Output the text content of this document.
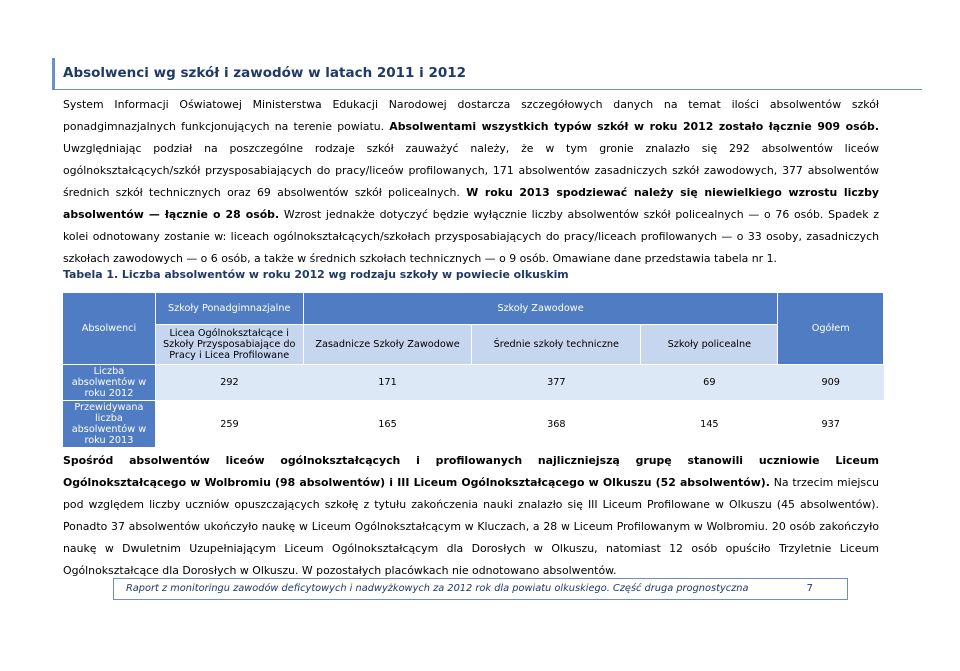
Absolwenci wg szkół i zawodów w latach 2011 i 2012

System Informacji Oświatowej Ministerstwa Edukacji Narodowej dostarcza szczegółowych danych na temat ilości absolwentów szkół ponadgimnazjalnych funkcjonujących na terenie powiatu. Absolwentami wszystkich typów szkół w roku 2012 zostało łącznie 909 osób. Uwzględniając podział na poszczególne rodzaje szkół zauważyć należy, że w tym gronie znalazło się 292 absolwentów liceów ogólnokształcących/szkół przysposabiających do pracy/liceów profilowanych, 171 absolwentów zasadniczych szkół zawodowych, 377 absolwentów średnich szkół technicznych oraz 69 absolwentów szkół policealnych. W roku 2013 spodziewać należy się niewielkiego wzrostu liczby absolwentów — łącznie o 28 osób. Wzrost jednakże dotyczyć będzie wyłącznie liczby absolwentów szkół policealnych — o 76 osób. Spadek z kolei odnotowany zostanie w: liceach ogólnokształcących/szkołach przysposabiających do pracy/liceach profilowanych — o 33 osoby, zasadniczych szkołach zawodowych — o 6 osób, a także w średnich szkołach technicznych — o 9 osób. Omawiane dane przedstawia tabela nr 1.

Tabela 1. Liczba absolwentów w roku 2012 wg rodzaju szkoły w powiecie olkuskim
Absolwenci	Szkoły Ponadgimnazjalne	Szkoły Zawodowe			Ogółem
	Licea Ogólnokształcące i Szkoły Przysposabiające do Pracy i Licea Profilowane	Zasadnicze Szkoły Zawodowe	Średnie szkoły techniczne	Szkoły policealne	
Liczba absolwentów w roku 2012	292	171	377	69	909
Przewidywana liczba absolwentów w roku 2013	259	165	368	145	937

Spośród absolwentów liceów ogólnokształcących i profilowanych najliczniejszą grupę stanowili uczniowie Liceum Ogólnokształcącego w Wolbromiu (98 absolwentów) i III Liceum Ogólnokształcącego w Olkuszu (52 absolwentów). Na trzecim miejscu pod względem liczby uczniów opuszczających szkołę z tytułu zakończenia nauki znalazło się III Liceum Profilowane w Olkuszu (45 absolwentów). Ponadto 37 absolwentów ukończyło naukę w Liceum Ogólnokształcącym w Kluczach, a 28 w Liceum Profilowanym w Wolbromiu. 20 osób zakończyło naukę w Dwuletnim Uzupełniającym Liceum Ogólnokształcącym dla Dorosłych w Olkuszu, natomiast 12 osób opuściło Trzyletnie Liceum Ogólnokształcące dla Dorosłych w Olkuszu. W pozostałych placówkach nie odnotowano absolwentów.

Raport z monitoringu zawodów deficytowych i nadwyżkowych za 2012 rok dla powiatu olkuskiego. Część druga prognostyczna	7
